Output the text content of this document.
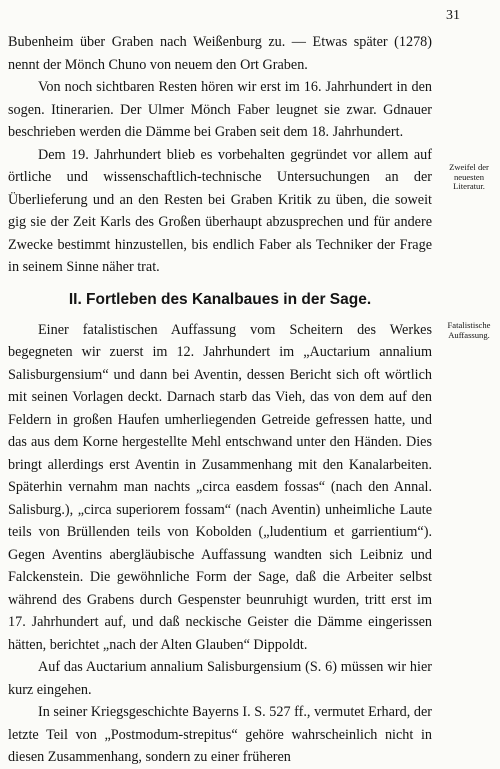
31

Bubenheim über Graben nach Weißenburg zu. — Etwas später (1278) nennt der Mönch Chuno von neuem den Ort Graben.

Von noch sichtbaren Resten hören wir erst im 16. Jahrhundert in den sogen. Itinerarien. Der Ulmer Mönch Faber leugnet sie zwar. Gdnauer beschrieben werden die Dämme bei Graben seit dem 18. Jahrhundert.

Dem 19. Jahrhundert blieb es vorbehalten gegründet vor allem auf örtliche und wissenschaftlich-technische Untersuchungen an der Überlieferung und an den Resten bei Graben Kritik zu üben, die soweit gig sie der Zeit Karls des Großen überhaupt abzusprechen und für andere Zwecke bestimmt hinzustellen, bis endlich Faber als Techniker der Frage in seinem Sinne näher trat.

II. Fortleben des Kanalbaues in der Sage.

Einer fatalistischen Auffassung vom Scheitern des Werkes begegneten wir zuerst im 12. Jahrhundert im „Auctarium annalium Salisburgensium“ und dann bei Aventin, dessen Bericht sich oft wörtlich mit seinen Vorlagen deckt. Darnach starb das Vieh, das von dem auf den Feldern in großen Haufen umherliegenden Getreide gefressen hatte, und das aus dem Korne hergestellte Mehl entschwand unter den Händen. Dies bringt allerdings erst Aventin in Zusammenhang mit den Kanalarbeiten. Späterhin vernahm man nachts „circa easdem fossas“ (nach den Annal. Salisburg.), „circa superiorem fossam“ (nach Aventin) unheimliche Laute teils von Brüllenden teils von Kobolden („ludentium et garrientium“). Gegen Aventins abergläubische Auffassung wandten sich Leibniz und Falckenstein. Die gewöhnliche Form der Sage, daß die Arbeiter selbst während des Grabens durch Gespenster beunruhigt wurden, tritt erst im 17. Jahrhundert auf, und daß neckische Geister die Dämme eingerissen hätten, berichtet „nach der Alten Glauben“ Dippoldt.

Auf das Auctarium annalium Salisburgensium (S. 6) müssen wir hier kurz eingehen.

In seiner Kriegsgeschichte Bayerns I. S. 527 ff., vermutet Erhard, der letzte Teil von „Postmodum-strepitus“ gehöre wahrscheinlich nicht in diesen Zusammenhang, sondern zu einer früheren

Zweifel der neuesten Literatur.
Fatalistische Auffassung.
